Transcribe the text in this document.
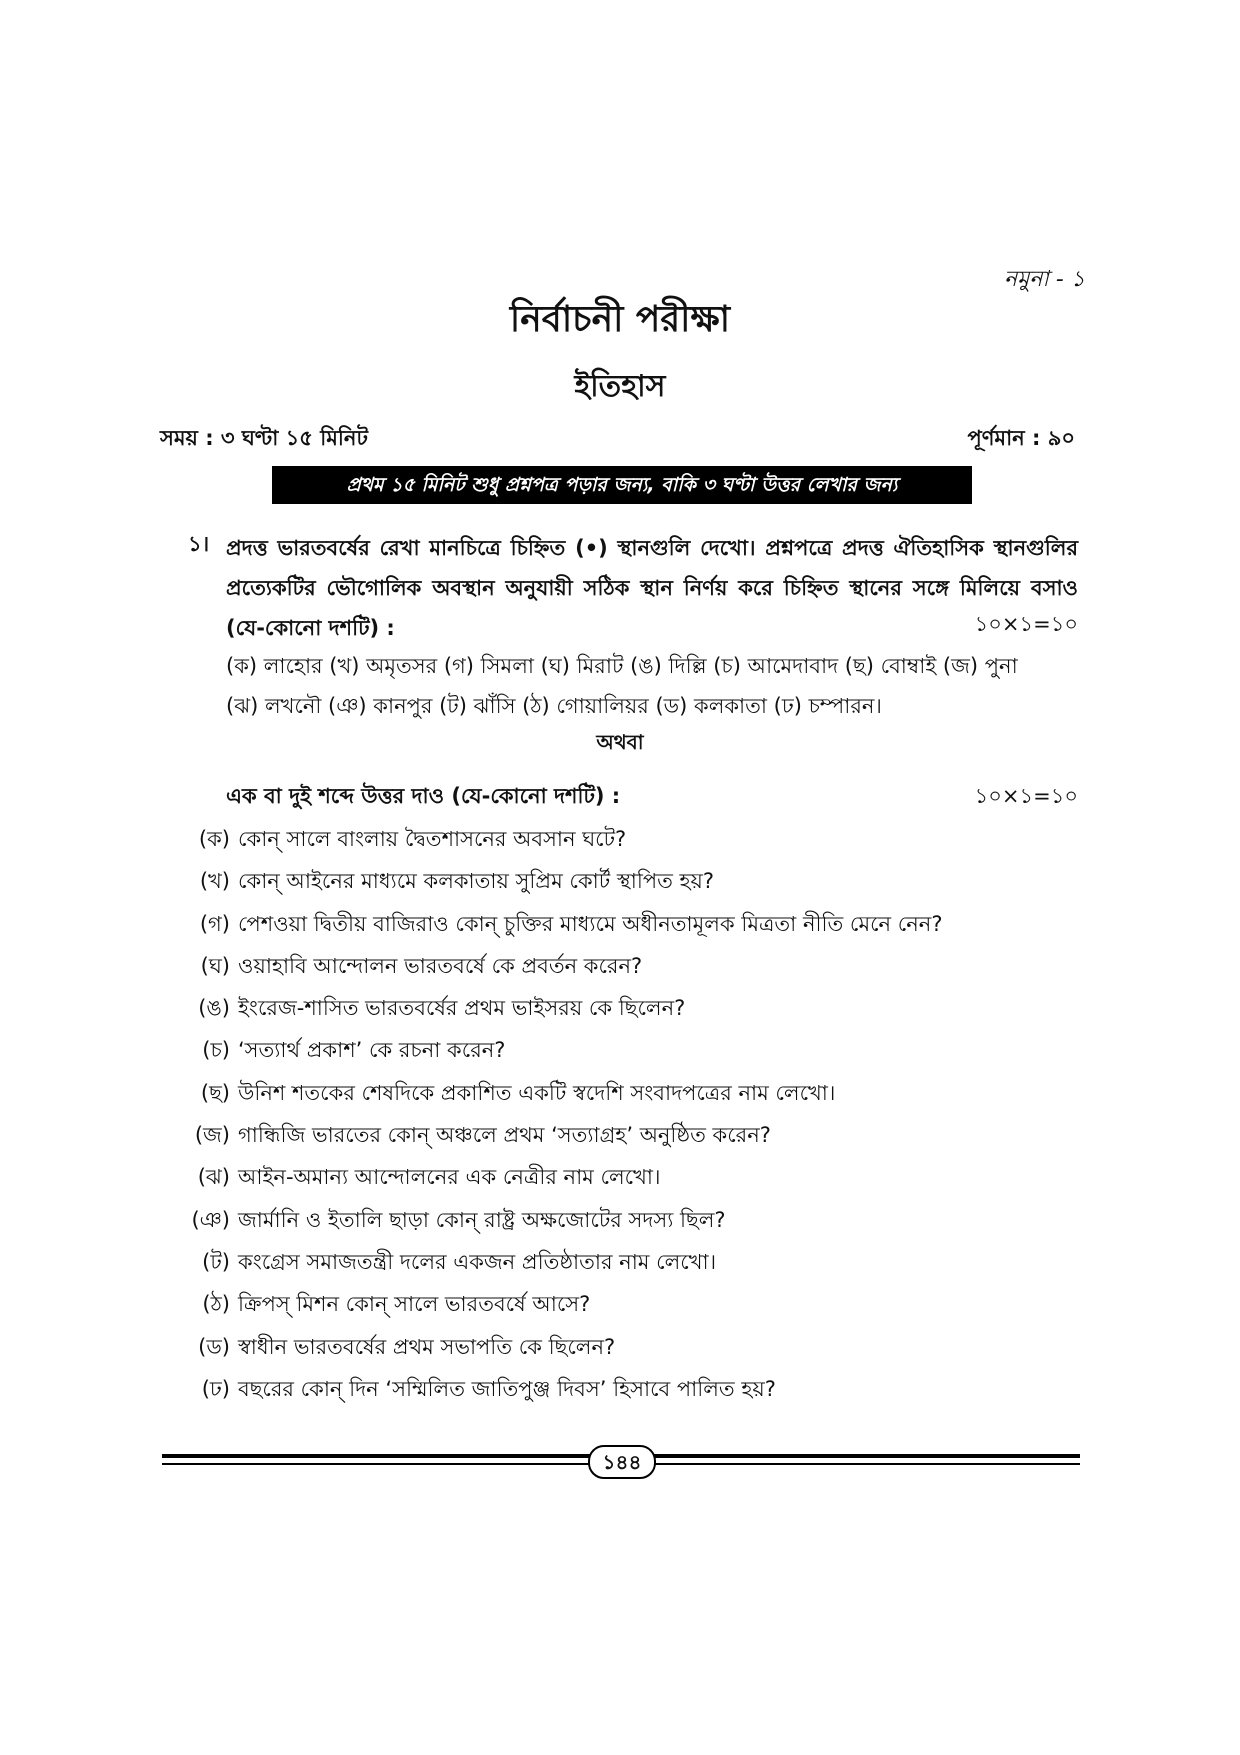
নমুনা - ১
নির্বাচনী পরীক্ষা
ইতিহাস
সময় : ৩ ঘণ্টা ১৫ মিনিট	পূর্ণমান : ৯০
প্রথম ১৫ মিনিট শুধু প্রশ্নপত্র পড়ার জন্য, বাকি ৩ ঘণ্টা উত্তর লেখার জন্য
১। প্রদত্ত ভারতবর্ষের রেখা মানচিত্রে চিহ্নিত (•) স্থানগুলি দেখো। প্রশ্নপত্রে প্রদত্ত ঐতিহাসিক স্থানগুলির প্রত্যেকটির ভৌগোলিক অবস্থান অনুযায়ী সঠিক স্থান নির্ণয় করে চিহ্নিত স্থানের সঙ্গে মিলিয়ে বসাও (যে-কোনো দশটি) :	১০×১=১০
(ক) লাহোর (খ) অমৃতসর (গ) সিমলা (ঘ) মিরাট (ঙ) দিল্লি (চ) আমেদাবাদ (ছ) বোম্বাই (জ) পুনা
(ঝ) লখনৌ (ঞ) কানপুর (ট) ঝাঁসি (ঠ) গোয়ালিয়র (ড) কলকাতা (ঢ) চম্পারন।
অথবা
এক বা দুই শব্দে উত্তর দাও (যে-কোনো দশটি) :	১০×১=১০
(ক) কোন্ সালে বাংলায় দ্বৈতশাসনের অবসান ঘটে?
(খ) কোন্ আইনের মাধ্যমে কলকাতায় সুপ্রিম কোর্ট স্থাপিত হয়?
(গ) পেশওয়া দ্বিতীয় বাজিরাও কোন্ চুক্তির মাধ্যমে অধীনতামূলক মিত্রতা নীতি মেনে নেন?
(ঘ) ওয়াহাবি আন্দোলন ভারতবর্ষে কে প্রবর্তন করেন?
(ঙ) ইংরেজ-শাসিত ভারতবর্ষের প্রথম ভাইসরয় কে ছিলেন?
(চ) ‘সত্যার্থ প্রকাশ’ কে রচনা করেন?
(ছ) উনিশ শতকের শেষদিকে প্রকাশিত একটি স্বদেশি সংবাদপত্রের নাম লেখো।
(জ) গান্ধিজি ভারতের কোন্ অঞ্চলে প্রথম ‘সত্যাগ্রহ’ অনুষ্ঠিত করেন?
(ঝ) আইন-অমান্য আন্দোলনের এক নেত্রীর নাম লেখো।
(ঞ) জার্মানি ও ইতালি ছাড়া কোন্ রাষ্ট্র অক্ষজোটের সদস্য ছিল?
(ট) কংগ্রেস সমাজতন্ত্রী দলের একজন প্রতিষ্ঠাতার নাম লেখো।
(ঠ) ক্রিপস্ মিশন কোন্ সালে ভারতবর্ষে আসে?
(ড) স্বাধীন ভারতবর্ষের প্রথম সভাপতি কে ছিলেন?
(ঢ) বছরের কোন্ দিন ‘সম্মিলিত জাতিপুঞ্জ দিবস’ হিসাবে পালিত হয়?
১৪৪
